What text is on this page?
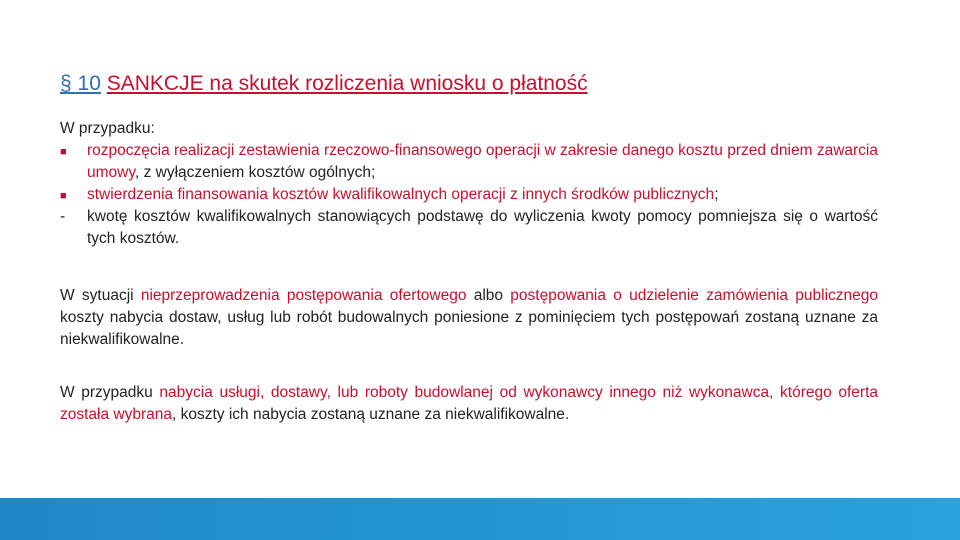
§ 10 SANKCJE na skutek rozliczenia wniosku o płatność
W przypadku:
■	rozpoczęcia realizacji zestawienia rzeczowo-finansowego operacji w zakresie danego kosztu przed dniem zawarcia umowy, z wyłączeniem kosztów ogólnych;
■	stwierdzenia finansowania kosztów kwalifikowalnych operacji z innych środków publicznych;
-	kwotę kosztów kwalifikowalnych stanowiących podstawę do wyliczenia kwoty pomocy pomniejsza się o wartość tych kosztów.
W sytuacji nieprzeprowadzenia postępowania ofertowego albo postępowania o udzielenie zamówienia publicznego koszty nabycia dostaw, usług lub robót budowalnych poniesione z pominięciem tych postępowań zostaną uznane za niekwalifikowalne.
W przypadku nabycia usługi, dostawy, lub roboty budowlanej od wykonawcy innego niż wykonawca, którego oferta została wybrana, koszty ich nabycia zostaną uznane za niekwalifikowalne.
